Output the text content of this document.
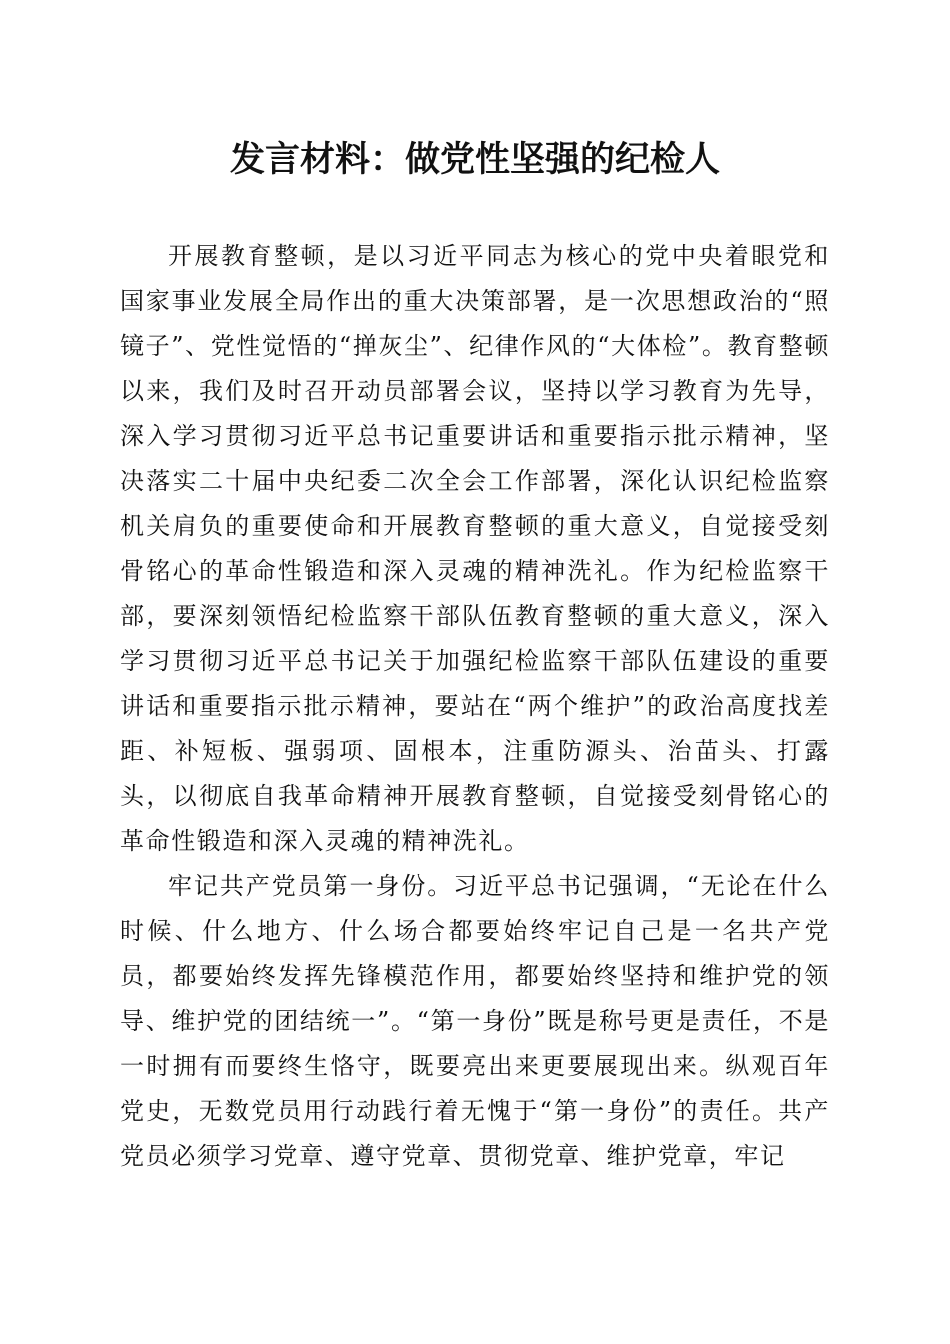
发言材料：做党性坚强的纪检人

开展教育整顿，是以习近平同志为核心的党中央着眼党和国家事业发展全局作出的重大决策部署，是一次思想政治的“照镜子”、党性觉悟的“掸灰尘”、纪律作风的“大体检”。教育整顿以来，我们及时召开动员部署会议，坚持以学习教育为先导，深入学习贯彻习近平总书记重要讲话和重要指示批示精神，坚决落实二十届中央纪委二次全会工作部署，深化认识纪检监察机关肩负的重要使命和开展教育整顿的重大意义，自觉接受刻骨铭心的革命性锻造和深入灵魂的精神洗礼。作为纪检监察干部，要深刻领悟纪检监察干部队伍教育整顿的重大意义，深入学习贯彻习近平总书记关于加强纪检监察干部队伍建设的重要讲话和重要指示批示精神，要站在“两个维护”的政治高度找差距、补短板、强弱项、固根本，注重防源头、治苗头、打露头，以彻底自我革命精神开展教育整顿，自觉接受刻骨铭心的革命性锻造和深入灵魂的精神洗礼。

牢记共产党员第一身份。习近平总书记强调，“无论在什么时候、什么地方、什么场合都要始终牢记自己是一名共产党员，都要始终发挥先锋模范作用，都要始终坚持和维护党的领导、维护党的团结统一”。“第一身份”既是称号更是责任，不是一时拥有而要终生恪守，既要亮出来更要展现出来。纵观百年党史，无数党员用行动践行着无愧于“第一身份”的责任。共产党员必须学习党章、遵守党章、贯彻党章、维护党章，牢记
